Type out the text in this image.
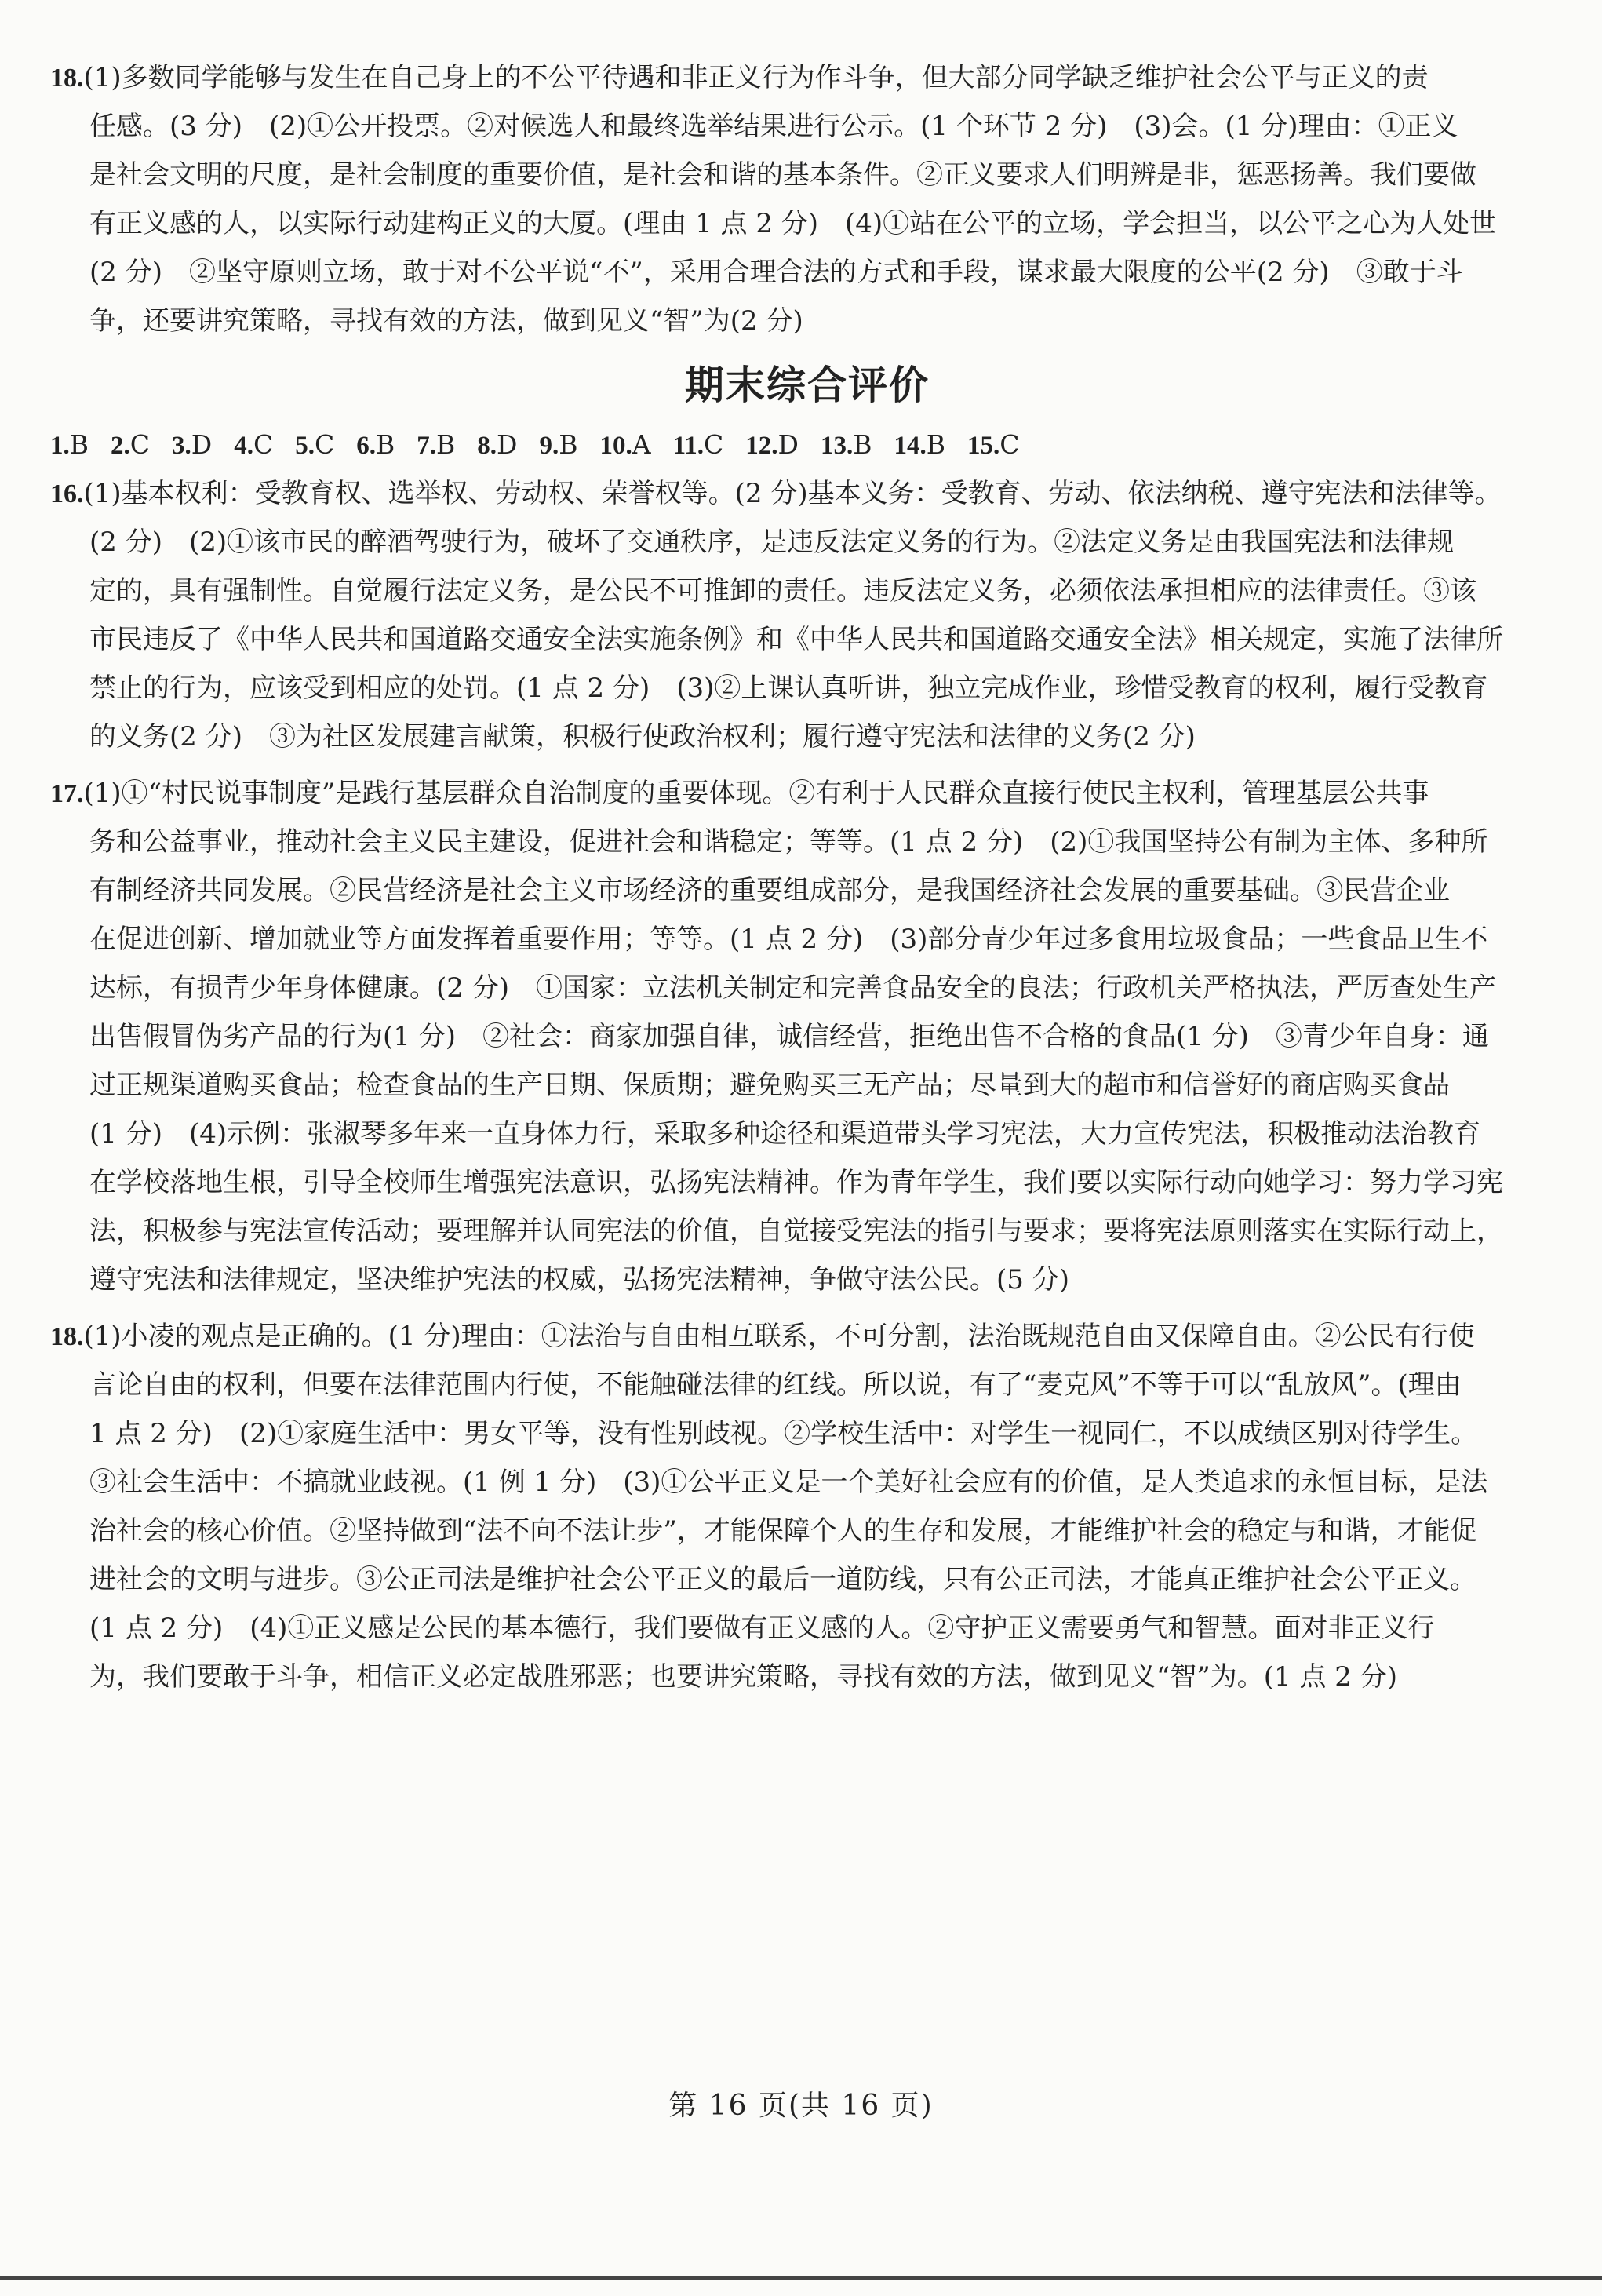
18.(1)多数同学能够与发生在自己身上的不公平待遇和非正义行为作斗争，但大部分同学缺乏维护社会公平与正义的责
任感。(3 分)　(2)①公开投票。②对候选人和最终选举结果进行公示。(1 个环节 2 分)　(3)会。(1 分)理由：①正义
是社会文明的尺度，是社会制度的重要价值，是社会和谐的基本条件。②正义要求人们明辨是非，惩恶扬善。我们要做
有正义感的人，以实际行动建构正义的大厦。(理由 1 点 2 分)　(4)①站在公平的立场，学会担当，以公平之心为人处世
(2 分)　②坚守原则立场，敢于对不公平说“不”，采用合理合法的方式和手段，谋求最大限度的公平(2 分)　③敢于斗
争，还要讲究策略，寻找有效的方法，做到见义“智”为(2 分)
期末综合评价
1.B 2.C 3.D 4.C 5.C 6.B 7.B 8.D 9.B 10.A 11.C 12.D 13.B 14.B 15.C
16.(1)基本权利：受教育权、选举权、劳动权、荣誉权等。(2 分)基本义务：受教育、劳动、依法纳税、遵守宪法和法律等。
(2 分)　(2)①该市民的醉酒驾驶行为，破坏了交通秩序，是违反法定义务的行为。②法定义务是由我国宪法和法律规
定的，具有强制性。自觉履行法定义务，是公民不可推卸的责任。违反法定义务，必须依法承担相应的法律责任。③该
市民违反了《中华人民共和国道路交通安全法实施条例》和《中华人民共和国道路交通安全法》相关规定，实施了法律所
禁止的行为，应该受到相应的处罚。(1 点 2 分)　(3)②上课认真听讲，独立完成作业，珍惜受教育的权利，履行受教育
的义务(2 分)　③为社区发展建言献策，积极行使政治权利；履行遵守宪法和法律的义务(2 分)
17.(1)①“村民说事制度”是践行基层群众自治制度的重要体现。②有利于人民群众直接行使民主权利，管理基层公共事
务和公益事业，推动社会主义民主建设，促进社会和谐稳定；等等。(1 点 2 分)　(2)①我国坚持公有制为主体、多种所
有制经济共同发展。②民营经济是社会主义市场经济的重要组成部分，是我国经济社会发展的重要基础。③民营企业
在促进创新、增加就业等方面发挥着重要作用；等等。(1 点 2 分)　(3)部分青少年过多食用垃圾食品；一些食品卫生不
达标，有损青少年身体健康。(2 分)　①国家：立法机关制定和完善食品安全的良法；行政机关严格执法，严厉查处生产
出售假冒伪劣产品的行为(1 分)　②社会：商家加强自律，诚信经营，拒绝出售不合格的食品(1 分)　③青少年自身：通
过正规渠道购买食品；检查食品的生产日期、保质期；避免购买三无产品；尽量到大的超市和信誉好的商店购买食品
(1 分)　(4)示例：张淑琴多年来一直身体力行，采取多种途径和渠道带头学习宪法，大力宣传宪法，积极推动法治教育
在学校落地生根，引导全校师生增强宪法意识，弘扬宪法精神。作为青年学生，我们要以实际行动向她学习：努力学习宪
法，积极参与宪法宣传活动；要理解并认同宪法的价值，自觉接受宪法的指引与要求；要将宪法原则落实在实际行动上，
遵守宪法和法律规定，坚决维护宪法的权威，弘扬宪法精神，争做守法公民。(5 分)
18.(1)小凌的观点是正确的。(1 分)理由：①法治与自由相互联系，不可分割，法治既规范自由又保障自由。②公民有行使
言论自由的权利，但要在法律范围内行使，不能触碰法律的红线。所以说，有了“麦克风”不等于可以“乱放风”。(理由
1 点 2 分)　(2)①家庭生活中：男女平等，没有性别歧视。②学校生活中：对学生一视同仁，不以成绩区别对待学生。
③社会生活中：不搞就业歧视。(1 例 1 分)　(3)①公平正义是一个美好社会应有的价值，是人类追求的永恒目标，是法
治社会的核心价值。②坚持做到“法不向不法让步”，才能保障个人的生存和发展，才能维护社会的稳定与和谐，才能促
进社会的文明与进步。③公正司法是维护社会公平正义的最后一道防线，只有公正司法，才能真正维护社会公平正义。
(1 点 2 分)　(4)①正义感是公民的基本德行，我们要做有正义感的人。②守护正义需要勇气和智慧。面对非正义行
为，我们要敢于斗争，相信正义必定战胜邪恶；也要讲究策略，寻找有效的方法，做到见义“智”为。(1 点 2 分)
第 16 页(共 16 页)
